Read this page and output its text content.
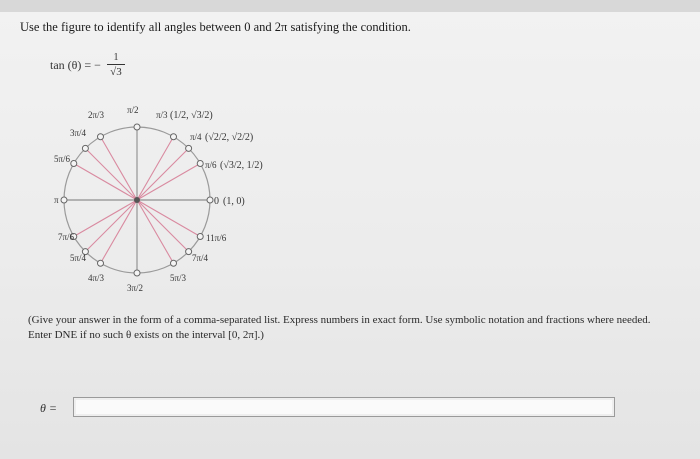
Use the figure to identify all angles between 0 and 2π satisfying the condition.
tan (θ) = − $\frac{1}{√3}$
π/2
2π/3
3π/4
5π/6
π
7π/6
5π/4
4π/3
3π/2
5π/3
7π/4
11π/6
π/3 (1/2, √3/2)
π/4 (√2/2, √2/2)
π/6 (√3/2, 1/2)
0 (1, 0)
(Give your answer in the form of a comma-separated list. Express numbers in exact form. Use symbolic notation and fractions where needed. Enter DNE if no such θ exists on the interval [0, 2π].)
θ =
